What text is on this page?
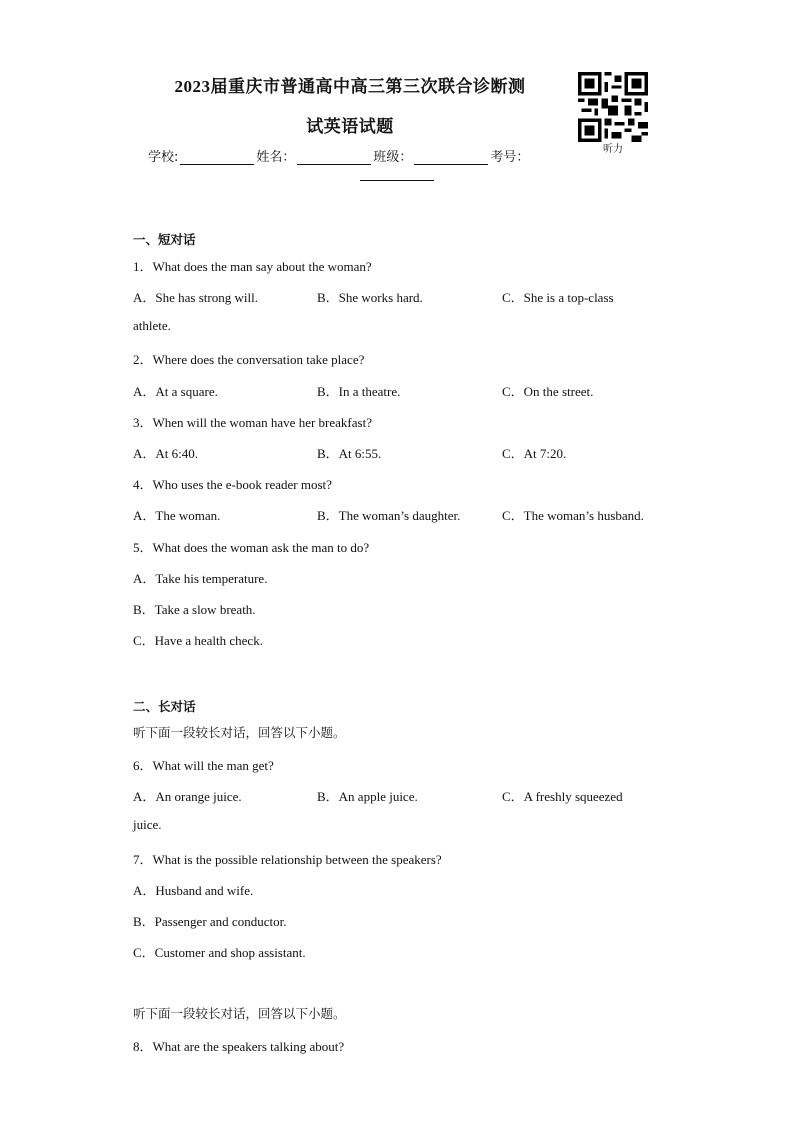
2023届重庆市普通高中高三第三次联合诊断测
试英语试题
听力
学校:	姓名：	班级：	考号：
一、短对话
1．What does the man say about the woman?
A．She has strong will.	B．She works hard.	C．She is a top-class
athlete.
2．Where does the conversation take place?
A．At a square.	B．In a theatre.	C．On the street.
3．When will the woman have her breakfast?
A．At 6:40.	B．At 6:55.	C．At 7:20.
4．Who uses the e-book reader most?
A．The woman.	B．The woman’s daughter.	C．The woman’s husband.
5．What does the woman ask the man to do?
A．Take his temperature.
B．Take a slow breath.
C．Have a health check.
二、长对话
听下面一段较长对话，回答以下小题。
6．What will the man get?
A．An orange juice.	B．An apple juice.	C．A freshly squeezed
juice.
7．What is the possible relationship between the speakers?
A．Husband and wife.
B．Passenger and conductor.
C．Customer and shop assistant.
听下面一段较长对话，回答以下小题。
8．What are the speakers talking about?
